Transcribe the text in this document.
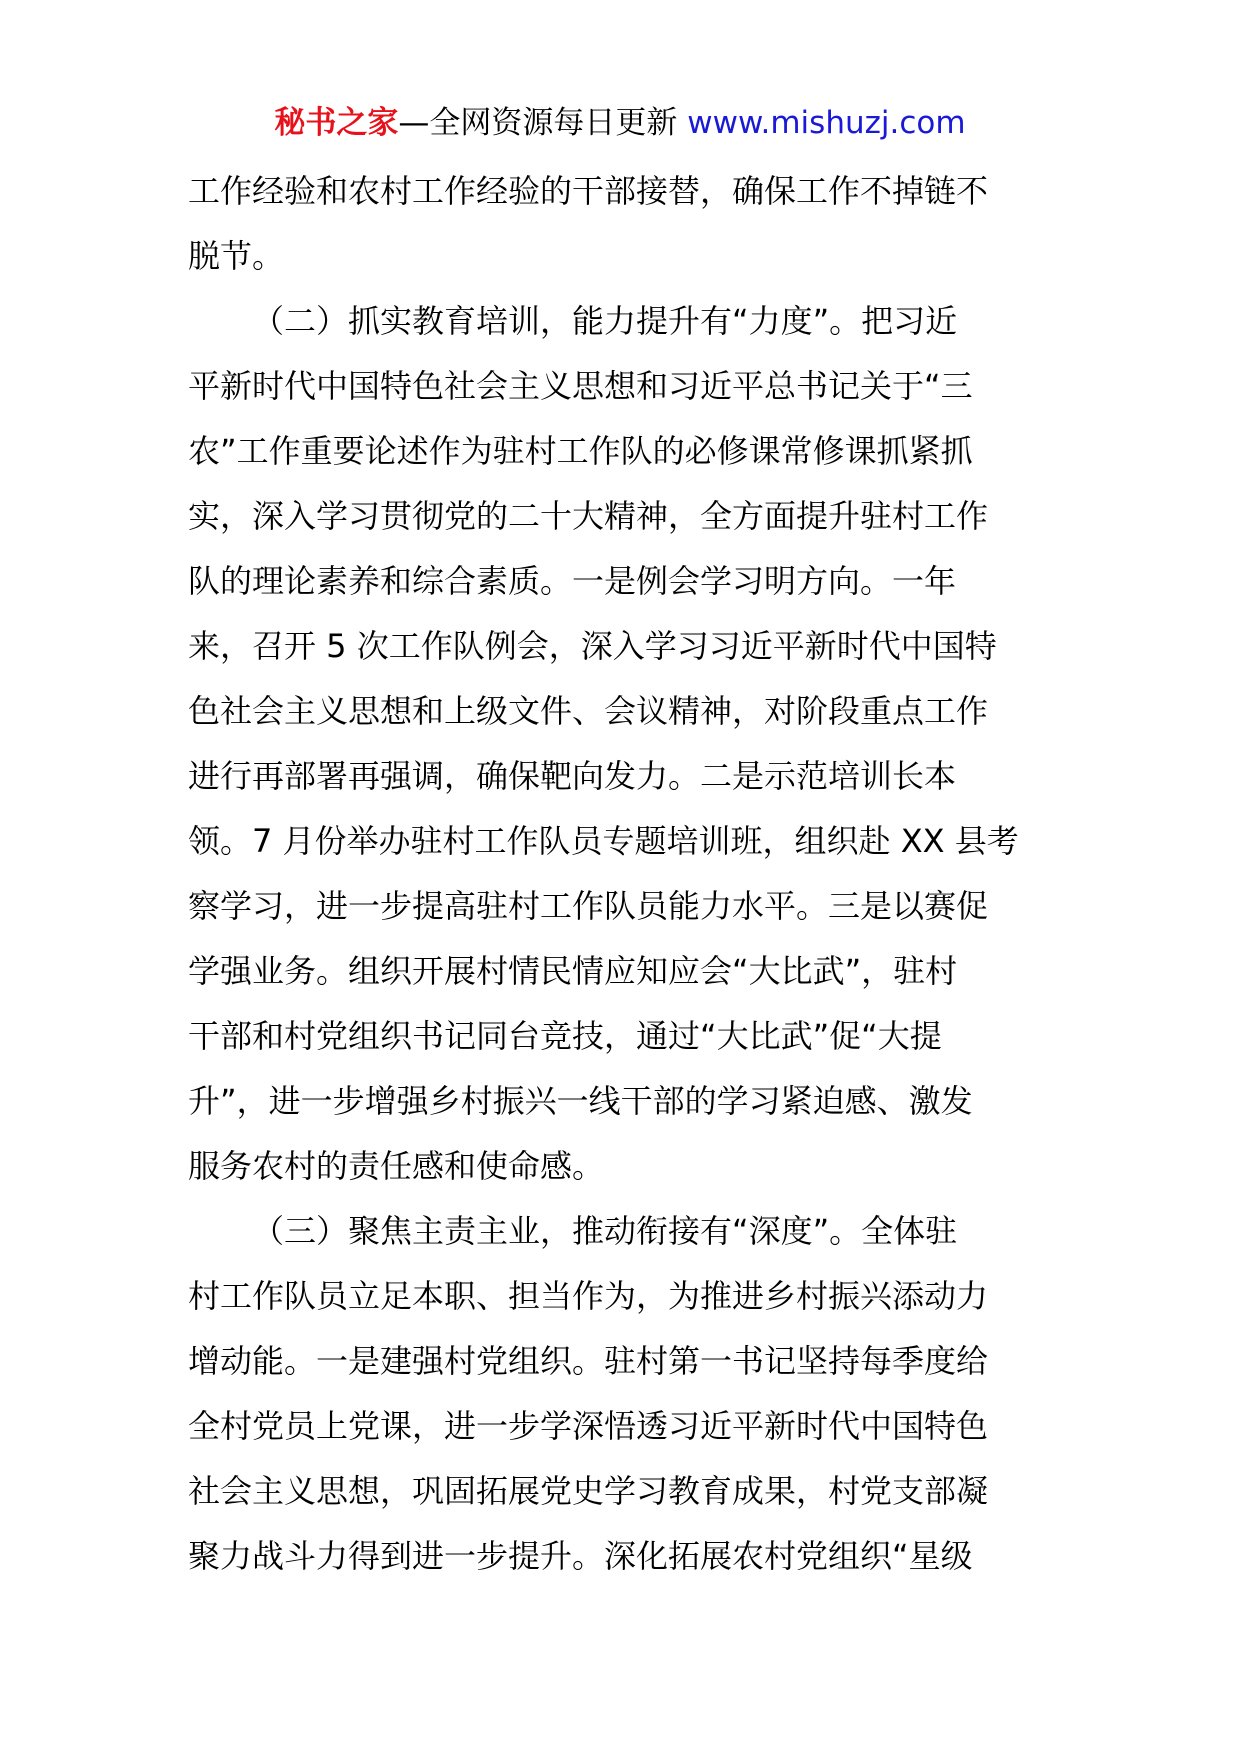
秘书之家—全网资源每日更新 www.mishuzj.com
工作经验和农村工作经验的干部接替，确保工作不掉链不
脱节。
（二）抓实教育培训，能力提升有“力度”。把习近
平新时代中国特色社会主义思想和习近平总书记关于“三
农”工作重要论述作为驻村工作队的必修课常修课抓紧抓
实，深入学习贯彻党的二十大精神，全方面提升驻村工作
队的理论素养和综合素质。一是例会学习明方向。一年
来，召开 5 次工作队例会，深入学习习近平新时代中国特
色社会主义思想和上级文件、会议精神，对阶段重点工作
进行再部署再强调，确保靶向发力。二是示范培训长本
领。7 月份举办驻村工作队员专题培训班，组织赴 XX 县考
察学习，进一步提高驻村工作队员能力水平。三是以赛促
学强业务。组织开展村情民情应知应会“大比武”，驻村
干部和村党组织书记同台竞技，通过“大比武”促“大提
升”，进一步增强乡村振兴一线干部的学习紧迫感、激发
服务农村的责任感和使命感。
（三）聚焦主责主业，推动衔接有“深度”。全体驻
村工作队员立足本职、担当作为，为推进乡村振兴添动力
增动能。一是建强村党组织。驻村第一书记坚持每季度给
全村党员上党课，进一步学深悟透习近平新时代中国特色
社会主义思想，巩固拓展党史学习教育成果，村党支部凝
聚力战斗力得到进一步提升。深化拓展农村党组织“星级
